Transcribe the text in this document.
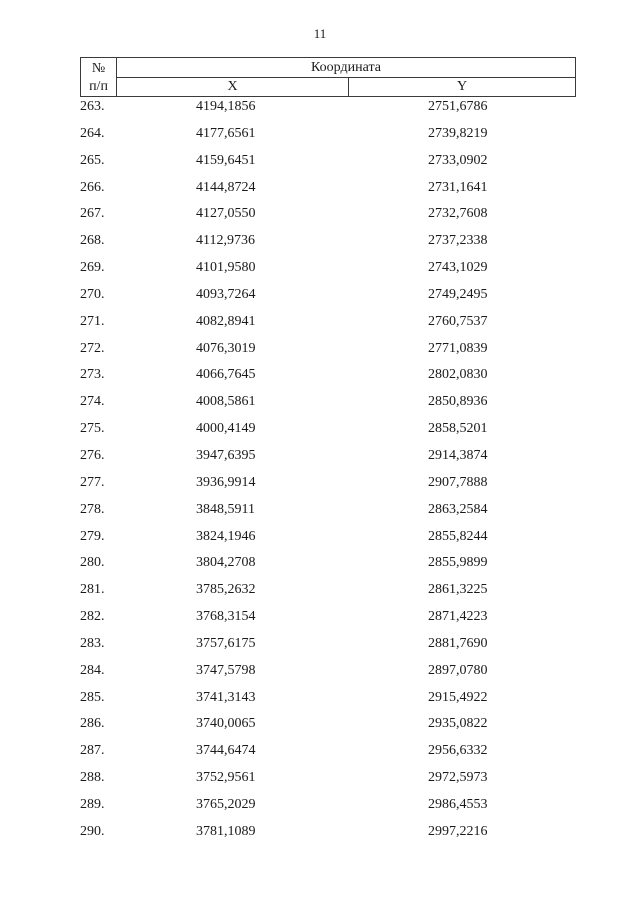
11
№
п/п
Координата
X	Y
263.	4194,1856	2751,6786
264.	4177,6561	2739,8219
265.	4159,6451	2733,0902
266.	4144,8724	2731,1641
267.	4127,0550	2732,7608
268.	4112,9736	2737,2338
269.	4101,9580	2743,1029
270.	4093,7264	2749,2495
271.	4082,8941	2760,7537
272.	4076,3019	2771,0839
273.	4066,7645	2802,0830
274.	4008,5861	2850,8936
275.	4000,4149	2858,5201
276.	3947,6395	2914,3874
277.	3936,9914	2907,7888
278.	3848,5911	2863,2584
279.	3824,1946	2855,8244
280.	3804,2708	2855,9899
281.	3785,2632	2861,3225
282.	3768,3154	2871,4223
283.	3757,6175	2881,7690
284.	3747,5798	2897,0780
285.	3741,3143	2915,4922
286.	3740,0065	2935,0822
287.	3744,6474	2956,6332
288.	3752,9561	2972,5973
289.	3765,2029	2986,4553
290.	3781,1089	2997,2216
